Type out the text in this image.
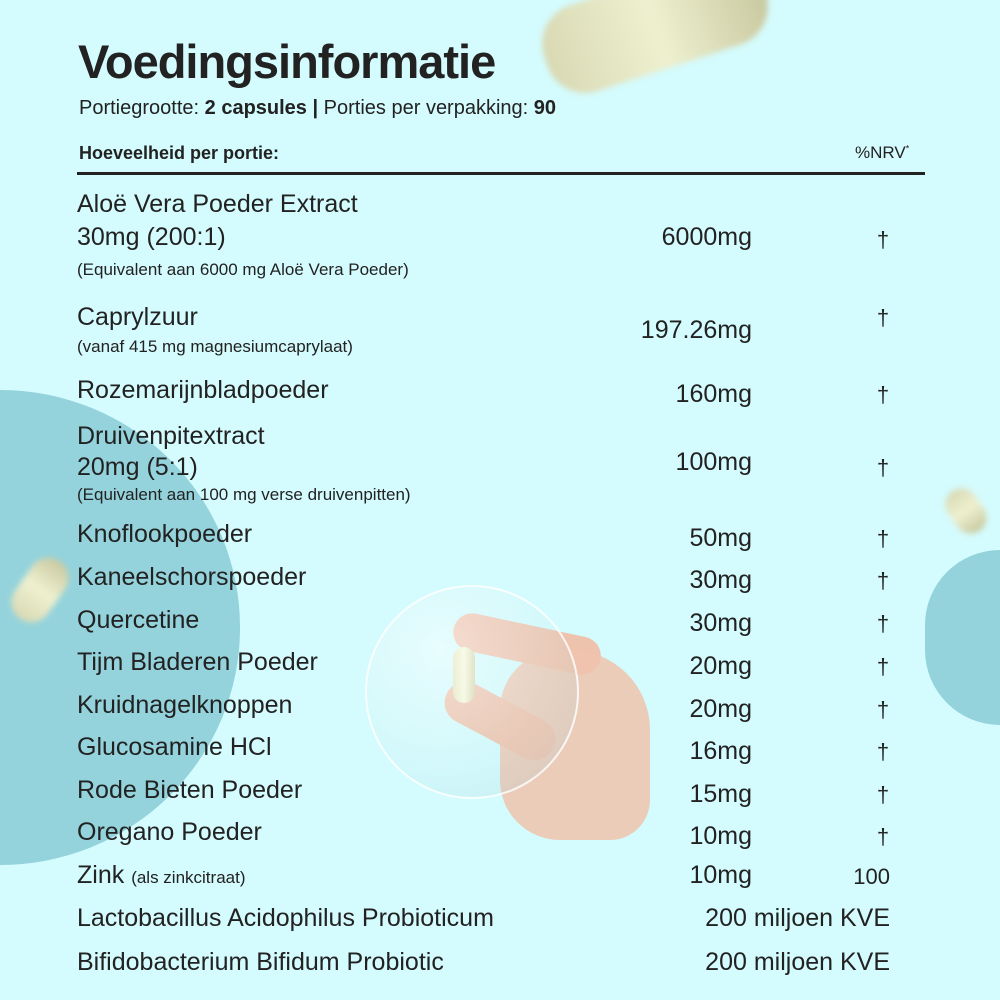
Voedingsinformatie
Portiegrootte: 2 capsules | Porties per verpakking: 90
Hoeveelheid per portie:	%NRV*
Aloë Vera Poeder Extract
30mg (200:1)
(Equivalent aan 6000 mg Aloë Vera Poeder)
6000mg	†
Caprylzuur
(vanaf 415 mg magnesiumcaprylaat)
197.26mg	†
Rozemarijnbladpoeder	160mg	†
Druivenpitextract
20mg (5:1)
(Equivalent aan 100 mg verse druivenpitten)
100mg	†
Knoflookpoeder	50mg	†
Kaneelschorspoeder	30mg	†
Quercetine	30mg	†
Tijm Bladeren Poeder	20mg	†
Kruidnagelknoppen	20mg	†
Glucosamine HCl	16mg	†
Rode Bieten Poeder	15mg	†
Oregano Poeder	10mg	†
Zink (als zinkcitraat)	10mg	100
Lactobacillus Acidophilus Probioticum	200 miljoen KVE
Bifidobacterium Bifidum Probiotic	200 miljoen KVE
